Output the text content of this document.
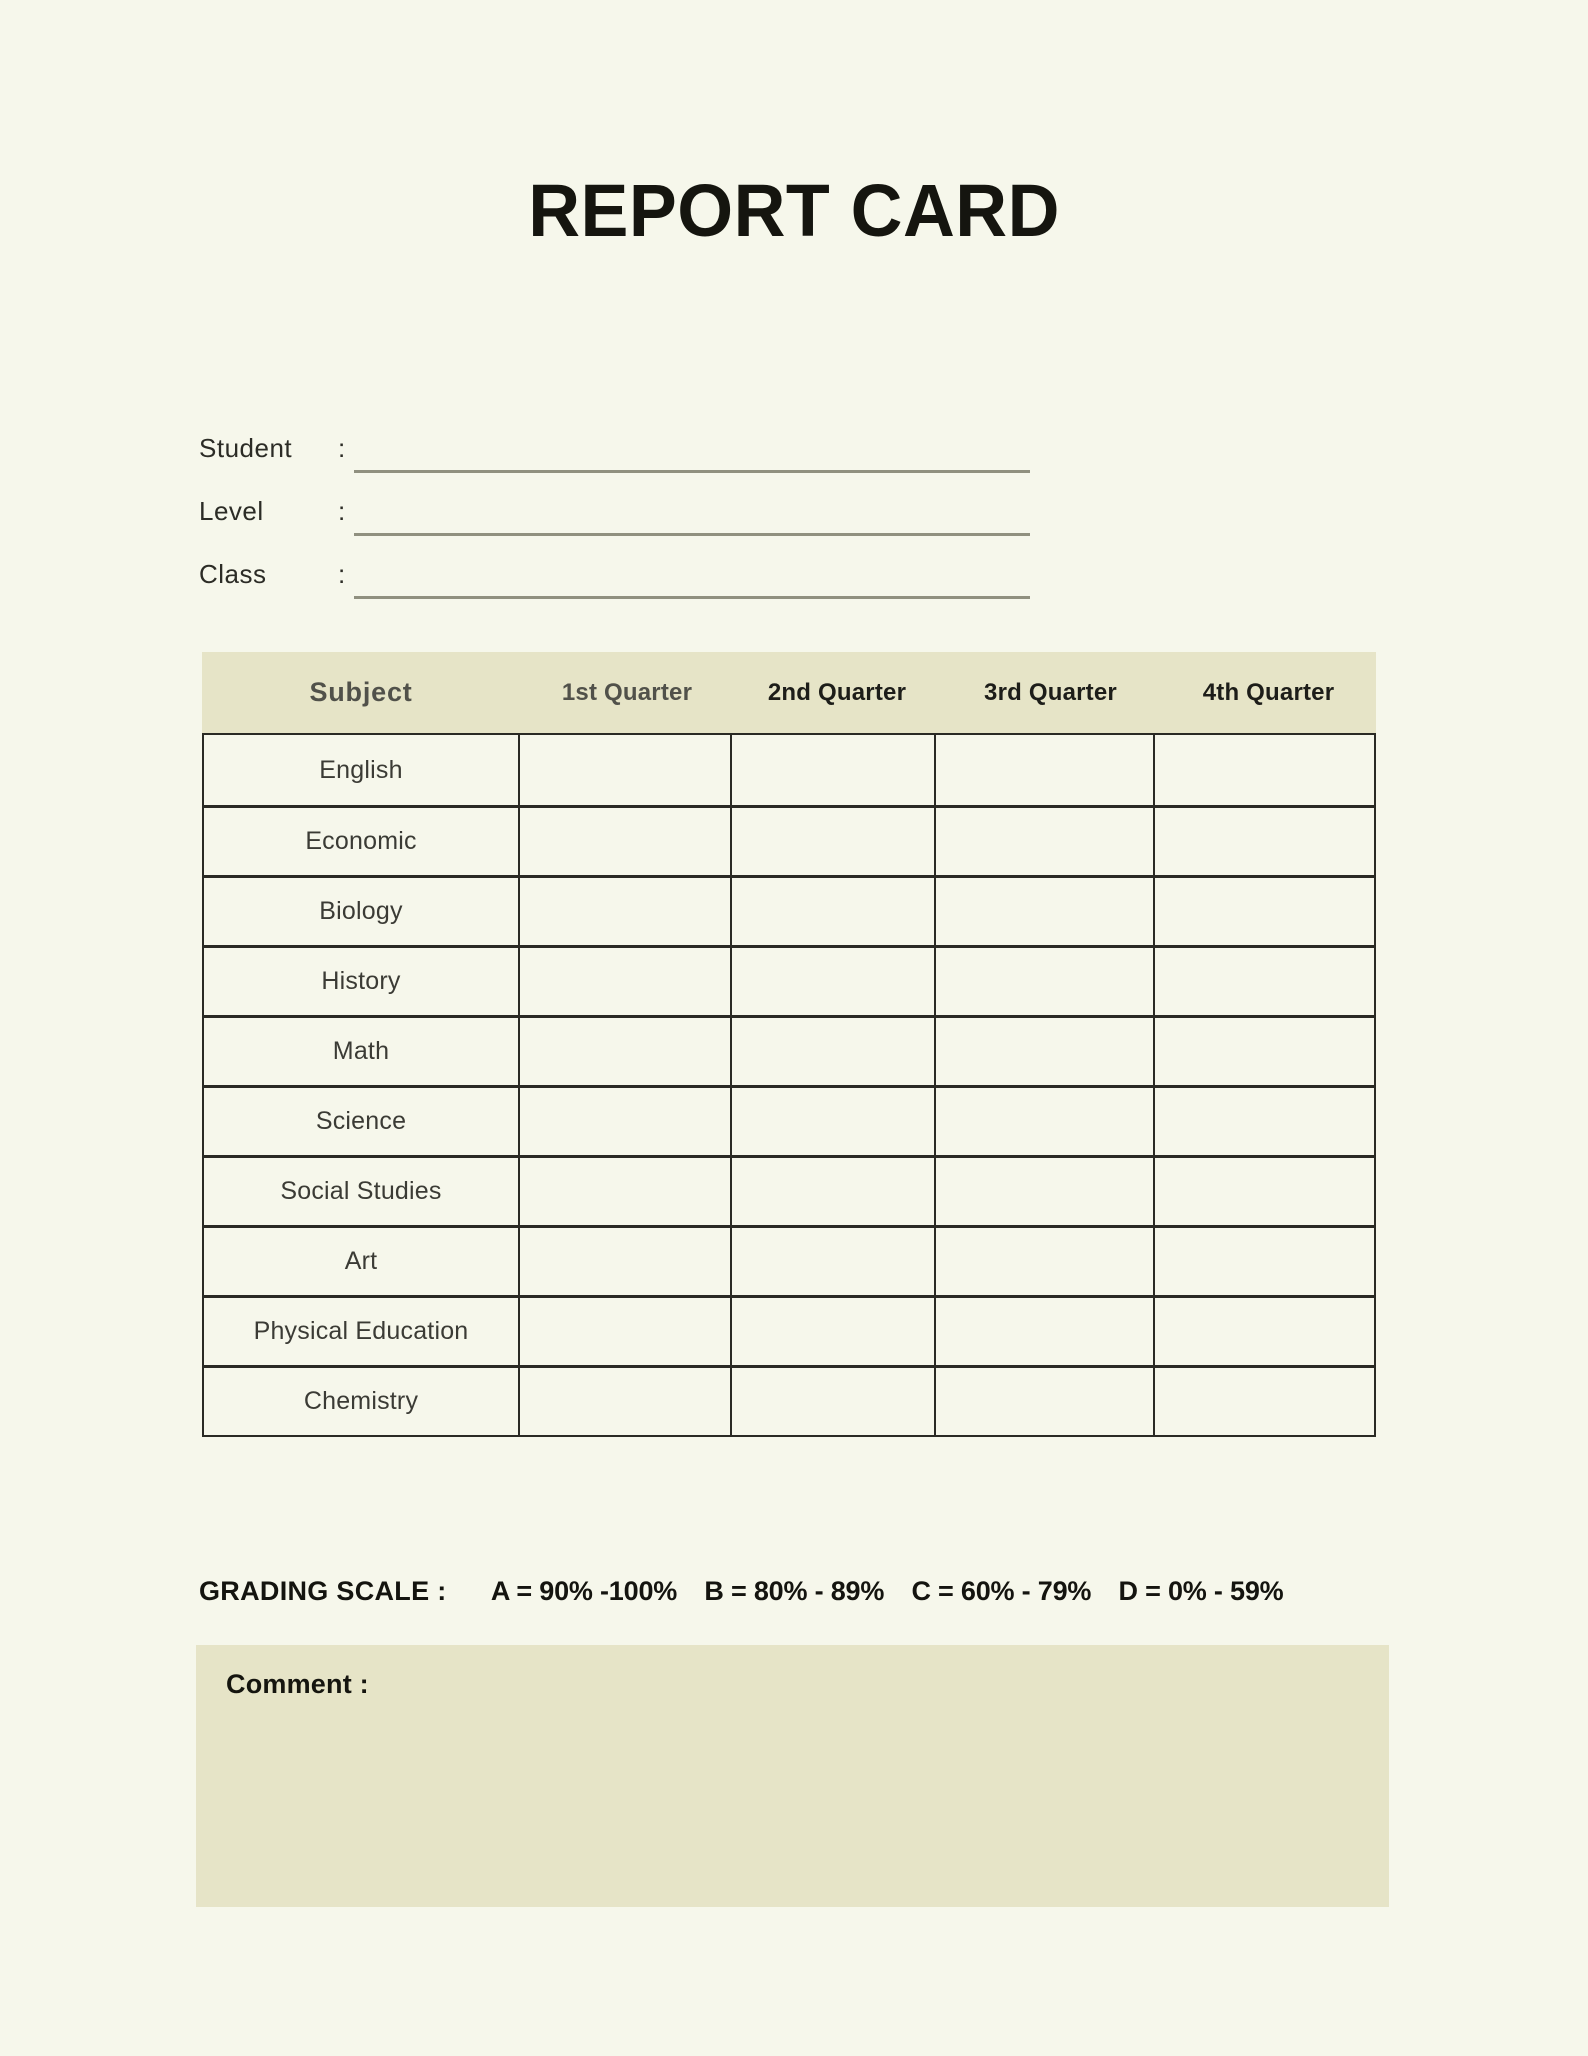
REPORT CARD
Student	:
Level	:
Class	:
Subject	1st Quarter	2nd Quarter	3rd Quarter	4th Quarter
English
Economic
Biology
History
Math
Science
Social Studies
Art
Physical Education
Chemistry
GRADING SCALE : A = 90% -100% B = 80% - 89% C = 60% - 79% D = 0% - 59%
Comment :
